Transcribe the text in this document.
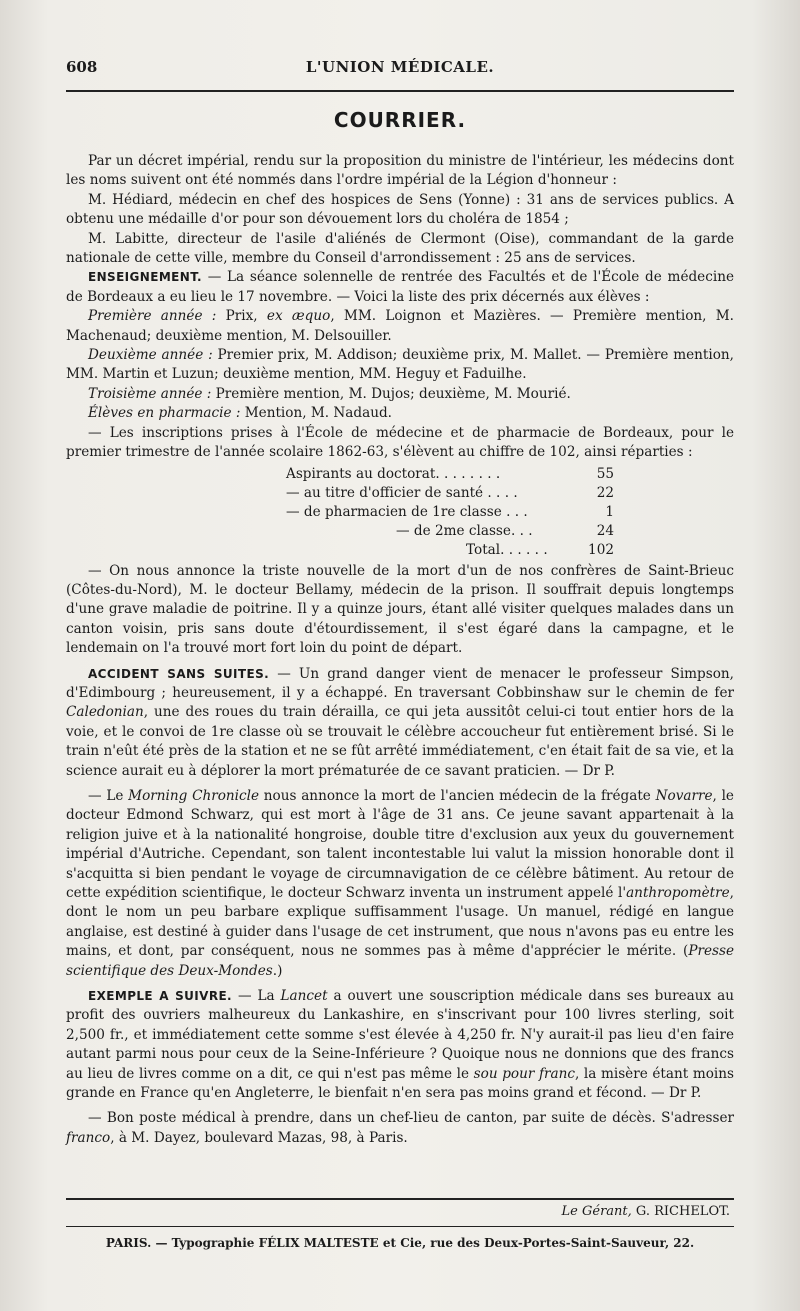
608	L'UNION MÉDICALE.
COURRIER.

Par un décret impérial, rendu sur la proposition du ministre de l'intérieur, les médecins dont les noms suivent ont été nommés dans l'ordre impérial de la Légion d'honneur :

M. Hédiard, médecin en chef des hospices de Sens (Yonne) : 31 ans de services publics. A obtenu une médaille d'or pour son dévouement lors du choléra de 1854 ;

M. Labitte, directeur de l'asile d'aliénés de Clermont (Oise), commandant de la garde nationale de cette ville, membre du Conseil d'arrondissement : 25 ans de services.

ENSEIGNEMENT. — La séance solennelle de rentrée des Facultés et de l'École de médecine de Bordeaux a eu lieu le 17 novembre. — Voici la liste des prix décernés aux élèves :

Première année : Prix, ex æquo, MM. Loignon et Mazières. — Première mention, M. Machenaud; deuxième mention, M. Delsouiller.

Deuxième année : Premier prix, M. Addison; deuxième prix, M. Mallet. — Première mention, MM. Martin et Luzun; deuxième mention, MM. Heguy et Faduilhe.

Troisième année : Première mention, M. Dujos; deuxième, M. Mourié.

Élèves en pharmacie : Mention, M. Nadaud.

— Les inscriptions prises à l'École de médecine et de pharmacie de Bordeaux, pour le premier trimestre de l'année scolaire 1862-63, s'élèvent au chiffre de 102, ainsi réparties :

Aspirants au doctorat. . . . . . . .	55
— au titre d'officier de santé . . . .	22
— de pharmacien de 1re classe . . .	1
— de 2me classe. . .	24
Total. . . . . .	102

— On nous annonce la triste nouvelle de la mort d'un de nos confrères de Saint-Brieuc (Côtes-du-Nord), M. le docteur Bellamy, médecin de la prison. Il souffrait depuis longtemps d'une grave maladie de poitrine. Il y a quinze jours, étant allé visiter quelques malades dans un canton voisin, pris sans doute d'étourdissement, il s'est égaré dans la campagne, et le lendemain on l'a trouvé mort fort loin du point de départ.

ACCIDENT SANS SUITES. — Un grand danger vient de menacer le professeur Simpson, d'Edimbourg ; heureusement, il y a échappé. En traversant Cobbinshaw sur le chemin de fer Caledonian, une des roues du train dérailla, ce qui jeta aussitôt celui-ci tout entier hors de la voie, et le convoi de 1re classe où se trouvait le célèbre accoucheur fut entièrement brisé. Si le train n'eût été près de la station et ne se fût arrêté immédiatement, c'en était fait de sa vie, et la science aurait eu à déplorer la mort prématurée de ce savant praticien. — Dr P.

— Le Morning Chronicle nous annonce la mort de l'ancien médecin de la frégate Novarre, le docteur Edmond Schwarz, qui est mort à l'âge de 31 ans. Ce jeune savant appartenait à la religion juive et à la nationalité hongroise, double titre d'exclusion aux yeux du gouvernement impérial d'Autriche. Cependant, son talent incontestable lui valut la mission honorable dont il s'acquitta si bien pendant le voyage de circumnavigation de ce célèbre bâtiment. Au retour de cette expédition scientifique, le docteur Schwarz inventa un instrument appelé l'anthropomètre, dont le nom un peu barbare explique suffisamment l'usage. Un manuel, rédigé en langue anglaise, est destiné à guider dans l'usage de cet instrument, que nous n'avons pas eu entre les mains, et dont, par conséquent, nous ne sommes pas à même d'apprécier le mérite. (Presse scientifique des Deux-Mondes.)

EXEMPLE A SUIVRE. — La Lancet a ouvert une souscription médicale dans ses bureaux au profit des ouvriers malheureux du Lankashire, en s'inscrivant pour 100 livres sterling, soit 2,500 fr., et immédiatement cette somme s'est élevée à 4,250 fr. N'y aurait-il pas lieu d'en faire autant parmi nous pour ceux de la Seine-Inférieure ? Quoique nous ne donnions que des francs au lieu de livres comme on a dit, ce qui n'est pas même le sou pour franc, la misère étant moins grande en France qu'en Angleterre, le bienfait n'en sera pas moins grand et fécond. — Dr P.

— Bon poste médical à prendre, dans un chef-lieu de canton, par suite de décès. S'adresser franco, à M. Dayez, boulevard Mazas, 98, à Paris.

Le Gérant, G. RICHELOT.
PARIS. — Typographie FÉLIX MALTESTE et Cie, rue des Deux-Portes-Saint-Sauveur, 22.
